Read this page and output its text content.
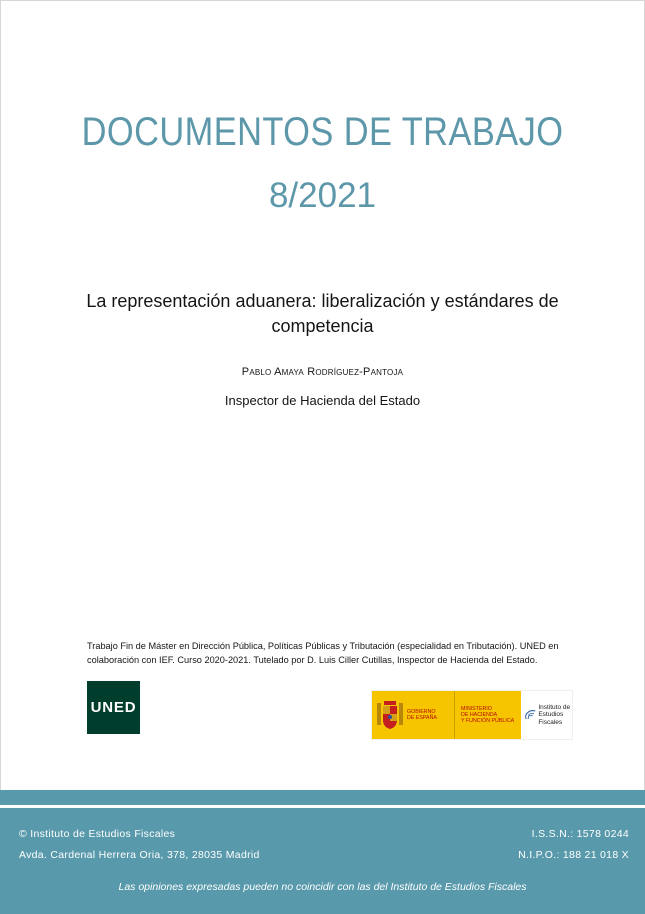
DOCUMENTOS DE TRABAJO
8/2021
La representación aduanera: liberalización y estándares de competencia
Pablo Amaya Rodríguez-Pantoja
Inspector de Hacienda del Estado
Trabajo Fin de Máster en Dirección Pública, Políticas Públicas y Tributación (especialidad en Tributación). UNED en colaboración con IEF. Curso 2020-2021. Tutelado por D. Luis Ciller Cutillas, Inspector de Hacienda del Estado.
UNED	GOBIERNO
DE ESPAÑA
MINISTERIO
DE HACIENDA
Y FUNCIÓN PÚBLICA
Instituto de
Estudios Fiscales
© Instituto de Estudios Fiscales
Avda. Cardenal Herrera Oria, 378, 28035 Madrid
I.S.S.N.: 1578 0244
N.I.P.O.: 188 21 018 X
Las opiniones expresadas pueden no coincidir con las del Instituto de Estudios Fiscales
